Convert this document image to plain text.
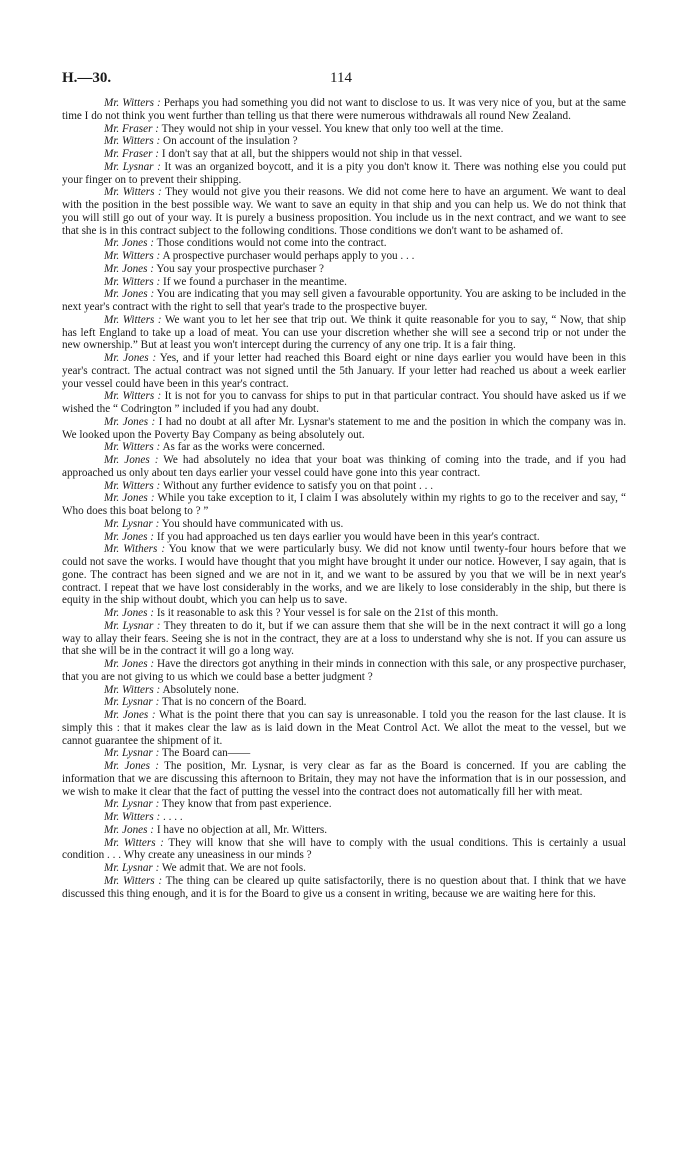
H.—30.	114

Mr. Witters : Perhaps you had something you did not want to disclose to us. It was very nice of you, but at the same time I do not think you went further than telling us that there were numerous withdrawals all round New Zealand.

Mr. Fraser : They would not ship in your vessel. You knew that only too well at the time.

Mr. Witters : On account of the insulation ?

Mr. Fraser : I don't say that at all, but the shippers would not ship in that vessel.

Mr. Lysnar : It was an organized boycott, and it is a pity you don't know it. There was nothing else you could put your finger on to prevent their shipping.

Mr. Witters : They would not give you their reasons. We did not come here to have an argument. We want to deal with the position in the best possible way. We want to save an equity in that ship and you can help us. We do not think that you will still go out of your way. It is purely a business proposition. You include us in the next contract, and we want to see that she is in this contract subject to the following conditions. Those conditions we don't want to be ashamed of.

Mr. Jones : Those conditions would not come into the contract.

Mr. Witters : A prospective purchaser would perhaps apply to you . . .

Mr. Jones : You say your prospective purchaser ?

Mr. Witters : If we found a purchaser in the meantime.

Mr. Jones : You are indicating that you may sell given a favourable opportunity. You are asking to be included in the next year's contract with the right to sell that year's trade to the prospective buyer.

Mr. Witters : We want you to let her see that trip out. We think it quite reasonable for you to say, “ Now, that ship has left England to take up a load of meat. You can use your discretion whether she will see a second trip or not under the new ownership.” But at least you won't intercept during the currency of any one trip. It is a fair thing.

Mr. Jones : Yes, and if your letter had reached this Board eight or nine days earlier you would have been in this year's contract. The actual contract was not signed until the 5th January. If your letter had reached us about a week earlier your vessel could have been in this year's contract.

Mr. Witters : It is not for you to canvass for ships to put in that particular contract. You should have asked us if we wished the “ Codrington ” included if you had any doubt.

Mr. Jones : I had no doubt at all after Mr. Lysnar's statement to me and the position in which the company was in. We looked upon the Poverty Bay Company as being absolutely out.

Mr. Witters : As far as the works were concerned.

Mr. Jones : We had absolutely no idea that your boat was thinking of coming into the trade, and if you had approached us only about ten days earlier your vessel could have gone into this year contract.

Mr. Witters : Without any further evidence to satisfy you on that point . . .

Mr. Jones : While you take exception to it, I claim I was absolutely within my rights to go to the receiver and say, “ Who does this boat belong to ? ”

Mr. Lysnar : You should have communicated with us.

Mr. Jones : If you had approached us ten days earlier you would have been in this year's contract.

Mr. Withers : You know that we were particularly busy. We did not know until twenty-four hours before that we could not save the works. I would have thought that you might have brought it under our notice. However, I say again, that is gone. The contract has been signed and we are not in it, and we want to be assured by you that we will be in next year's contract. I repeat that we have lost considerably in the works, and we are likely to lose considerably in the ship, but there is equity in the ship without doubt, which you can help us to save.

Mr. Jones : Is it reasonable to ask this ? Your vessel is for sale on the 21st of this month.

Mr. Lysnar : They threaten to do it, but if we can assure them that she will be in the next contract it will go a long way to allay their fears. Seeing she is not in the contract, they are at a loss to understand why she is not. If you can assure us that she will be in the contract it will go a long way.

Mr. Jones : Have the directors got anything in their minds in connection with this sale, or any prospective purchaser, that you are not giving to us which we could base a better judgment ?

Mr. Witters : Absolutely none.

Mr. Lysnar : That is no concern of the Board.

Mr. Jones : What is the point there that you can say is unreasonable. I told you the reason for the last clause. It is simply this : that it makes clear the law as is laid down in the Meat Control Act. We allot the meat to the vessel, but we cannot guarantee the shipment of it.

Mr. Lysnar : The Board can——

Mr. Jones : The position, Mr. Lysnar, is very clear as far as the Board is concerned. If you are cabling the information that we are discussing this afternoon to Britain, they may not have the information that is in our possession, and we wish to make it clear that the fact of putting the vessel into the contract does not automatically fill her with meat.

Mr. Lysnar : They know that from past experience.

Mr. Witters : . . . .

Mr. Jones : I have no objection at all, Mr. Witters.

Mr. Witters : They will know that she will have to comply with the usual conditions. This is certainly a usual condition . . . Why create any uneasiness in our minds ?

Mr. Lysnar : We admit that. We are not fools.

Mr. Witters : The thing can be cleared up quite satisfactorily, there is no question about that. I think that we have discussed this thing enough, and it is for the Board to give us a consent in writing, because we are waiting here for this.
